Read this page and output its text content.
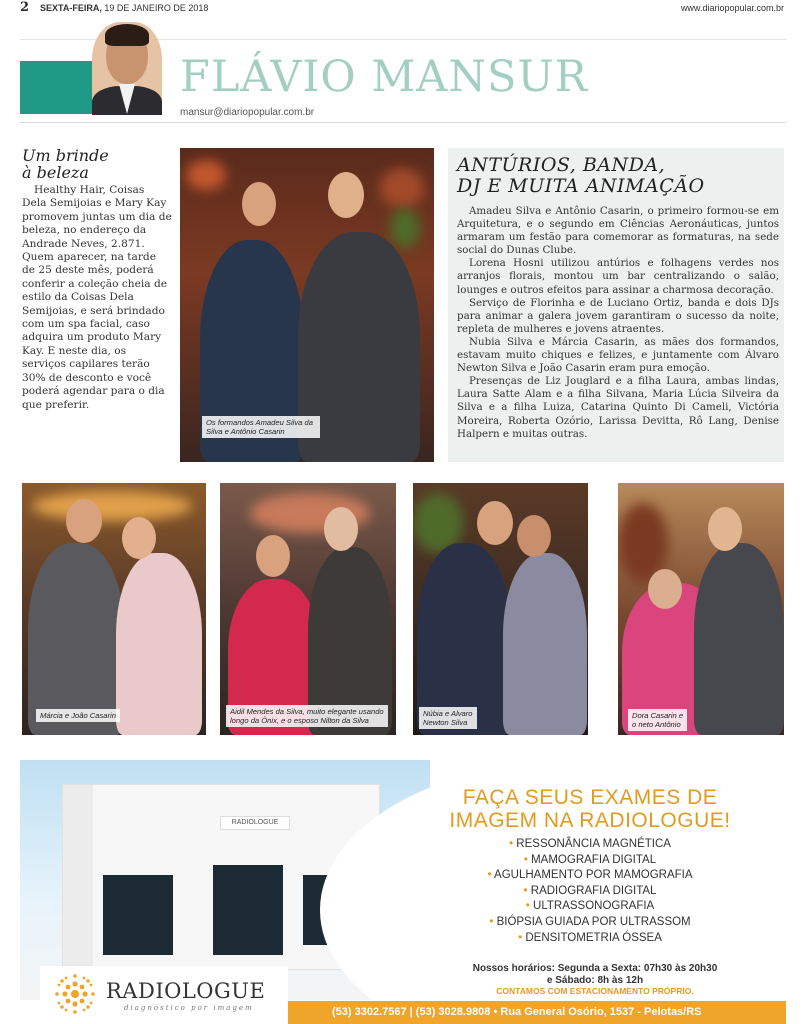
2 SEXTA-FEIRA, 19 DE JANEIRO DE 2018	www.diariopopular.com.br
FLÁVIO MANSUR
mansur@diariopopular.com.br
Um brinde
à beleza
Healthy Hair, Coisas Dela Semijoias e Mary Kay promovem juntas um dia de beleza, no endereço da Andrade Neves, 2.871. Quem aparecer, na tarde de 25 deste mês, poderá conferir a coleção cheia de estilo da Coisas Dela Semijoias, e será brindado com um spa facial, caso adquira um produto Mary Kay. E neste dia, os serviços capilares terão 30% de desconto e você poderá agendar para o dia que preferir.
Os formandos Amadeu Silva da Silva e Antônio Casarin
ANTÚRIOS, BANDA,
DJ E MUITA ANIMAÇÃO

Amadeu Silva e Antônio Casarin, o primeiro formou-se em Arquitetura, e o segundo em Ciências Aeronáuticas, juntos armaram um festão para comemorar as formaturas, na sede social do Dunas Clube.

Lorena Hosni utilizou antúrios e folhagens verdes nos arranjos florais, montou um bar centralizando o salão, lounges e outros efeitos para assinar a charmosa decoração.

Serviço de Florinha e de Luciano Ortiz, banda e dois DJs para animar a galera jovem garantiram o sucesso da noite, repleta de mulheres e jovens atraentes.

Nubia Silva e Márcia Casarin, as mães dos formandos, estavam muito chiques e felizes, e juntamente com Álvaro Newton Silva e João Casarin eram pura emoção.

Presenças de Liz Jouglard e a filha Laura, ambas lindas, Laura Satte Alam e a filha Silvana, Maria Lúcia Silveira da Silva e a filha Luiza, Catarina Quinto Di Cameli, Victória Moreira, Roberta Ozório, Larissa Devitta, Rô Lang, Denise Halpern e muitas outras.

Márcia e João Casarin	Aidil Mendes da Silva, muito elegante usando
longo da Ônix, e o esposo Nilton da Silva
Núbia e Alvaro
Newton Silva
Dora Casarin e
o neto Antônio
RADIOLOGUE
FAÇA SEUS EXAMES DE
IMAGEM NA RADIOLOGUE!
• RESSONÂNCIA MAGNÉTICA
• MAMOGRAFIA DIGITAL
• AGULHAMENTO POR MAMOGRAFIA
• RADIOGRAFIA DIGITAL
• ULTRASSONOGRAFIA
• BIÓPSIA GUIADA POR ULTRASSOM
• DENSITOMETRIA ÓSSEA
Nossos horários: Segunda a Sexta: 07h30 às 20h30
e Sábado: 8h às 12h
CONTAMOS COM ESTACIONAMENTO PRÓPRIO.
(53) 3302.7567 | (53) 3028.9808 • Rua General Osório, 1537 - Pelotas/RS
RADIOLOGUE
diagnóstico por imagem
